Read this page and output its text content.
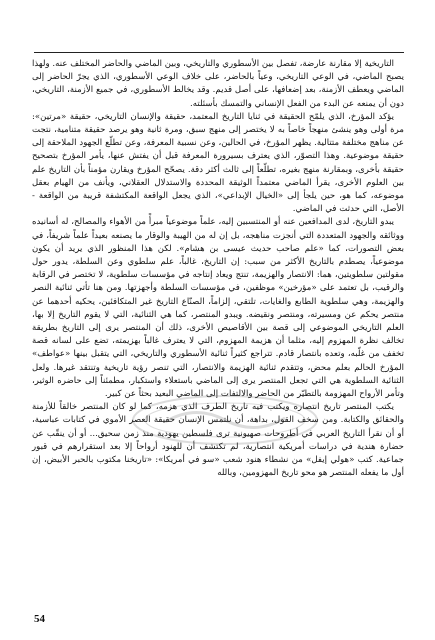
التاريخية إلا مقارنة عارضة، تفصل بين الأسطوري والتاريخي، وبين الماضي والحاضر المختلف عنه. ولهذا يصبح الماضي، في الوعي التاريخي، وعياً بالحاضر، على خلاف الوعي الأسطوري، الذي يجرّ الحاضر إلى الماضي ويعطف الأزمنة، بعد إضعافها، على أصل قديم. وقد يخالط الأسطوري، في جميع الأزمنة، التاريخي، دون أن يمنعه عن البدء من الفعل الإنساني والتمسك بأسئلته.

يؤكد المؤرخ، الذي يلمّح الحقيقة في ثنايا التاريخ المعتمد، حقيقة والإنسان التاريخي، حقيقة «مرتين»: مرة أولى وهو ينشئ منهجاً خاصاً به لا يختصر إلى منهج سبق، ومرة ثانية وهو يرصد حقيقة متنامية، نتجت عن مناهج مختلفة متتالية. يظهر المؤرخ، في الحالين، وعن نسبية المعرفة، وعن تطلّع الجهود الملاحقة إلى حقيقة موضوعية. وهذا التصوّر، الذي يعترف بسيرورة المعرفة قبل أن يفتش عنها، يأمر المؤرخ بتصحيح حقيقة بأخرى، وبمقارنة منهج بغيره، تطلّعاً إلى ثالث أكثر دقة. يصحّح المؤرخ ويقارن مؤمناً بأن التاريخ علم بين العلوم الأخرى، يقرأ الماضي معتمداً الوثيقة المحددة والاستدلال العقلاني، ويأنف من الهيام بعقل موضوعه، كما هو، حين يلجأ إلى «الخيال الإبداعي»، الذي يجعل الواقعة المكتشفة قريبة من الواقعة - الأصل، التي حدثت في الماضي.

يبدو التاريخ، لدى المدافعين عنه أو المنتسبين إليه، علماً موضوعياً مبرأً من الأهواء والمصالح، له أسانيده ووثائقه والجهود المتعددة التي أنجزت مناهجه، بل إن له من الهيبة والوقار ما يصنعه بعيداً علماً شريفاً، في بعض التصورات، كما «علم صاحب حديث عيسى بن هشام». لكن هذا المنظور الذي يريد أن يكون موضوعياً، يصطدم بالتاريخ الأكثر من سبب: إن التاريخ، غالباً، علم سلطوي وعن السلطة، يدور حول مقولتين سلطويتين، هما: الانتصار والهزيمة، تنتج ويعاد إنتاجه في مؤسسات سلطوية، لا تختصر في الرقابة والرقيب، بل تعتمد على «مؤرخين» موظفين، في مؤسسات السلطة وأجهزتها. ومن هنا تأتي ثنائية النصر والهزيمة، وهي سلطوية الطابع والغايات، تلتقي، إلزاماً، الصنّاع التاريخ غير المتكافئين، يحكيه أحدهما عن منتصر يحكم عن ومسيرته، ومنتصر ونقيضه. ويبدو المنتصر، كما هي الثنائية، التي لا يقوم التاريخ إلا بها، العلم التاريخي الموضوعي إلى قصة بين الأقاصيص الأخرى، ذلك أن المنتصر يرى إلى التاريخ بطريقة تخالف نظرة المهزوم إليه، مثلما أن هزيمة المهزوم، التي لا يعترف غالباً بهزيمته، تضع على لسانه قصة تخفف من غلّبه، وتعده بانتصار قادم. تتراجع كثيراً ثنائية الأسطوري والتاريخي، التي يتقبل بينها «عواطف» المؤرخ الحالم بعلم محض، وتتقدم ثنائية الهزيمة والانتصار، التي تنصر رؤية تاريخية وتنتقد غيرها. ولعل الثنائية السلطوية هي التي تجعل المنتصر يرى إلى الماضي باستعلاء واستكبار، مطمئناً إلى حاضره الوثير، وتأمر الأرواح المهزومة بالتطيّر من الحاضر والالتفات إلى الماضي البعيد بحثاً عن كبير.

يكتب المنتصر تاريخ انتصاره ويكتب فيه تاريخ الطرف الذي هزمه، كما لو كان المنتصر خالقاً للأزمنة والحقائق والكتابة. ومن سخف القول، بداهة، أن نلتمس الإنسان حقيقة العصر الأموي في كتابات عباسية، أو أن نقرأ التاريخ العربي في أطروحات صهيونية ترى فلسطين يهودية منذ زمن سحيق... أو أن ينقّب عن حضارة هندية في دراسات أمريكية انتصارية، لم تكتشف أن للهنود أرواحاً إلا بعد استقرارهم في قبور جماعية. كتب «هولي إيفل» من نشطاء هنود شعب «سو في أمريكا»: «تاريخنا مكتوب بالحبر الأبيض، إن أول ما يفعله المنتصر هو محو تاريخ المهزومين، وبالله

54
